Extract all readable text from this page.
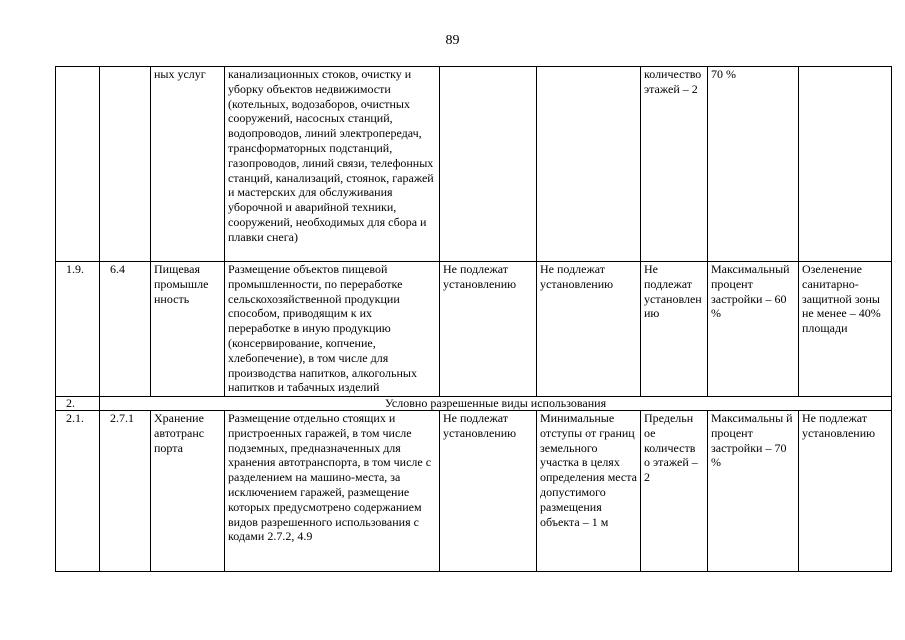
89
		ных услуг	канализационных стоков, очистку и уборку объектов недвижимости (котельных, водозаборов, очистных сооружений, насосных станций, водопроводов, линий электропередач, трансформаторных подстанций, газопроводов, линий связи, телефонных станций, канализаций, стоянок, гаражей и мастерских для обслуживания уборочной и аварийной техники, сооружений, необходимых для сбора и плавки снега)			количество этажей – 2	70 %	
1.9.	6.4	Пищевая промышле нность	Размещение объектов пищевой промышленности, по переработке сельскохозяйственной продукции способом, приводящим к их переработке в иную продукцию (консервирование, копчение, хлебопечение), в том числе для производства напитков, алкогольных напитков и табачных изделий	Не подлежат установлению	Не подлежат установлению	Не подлежат установлен ию	Максимальный процент застройки – 60 %	Озеленение санитарно-защитной зоны не менее – 40% площади
2.	Условно разрешенные виды использования							
2.1.	2.7.1	Хранение автотранс порта	Размещение отдельно стоящих и пристроенных гаражей, в том числе подземных, предназначенных для хранения автотранспорта, в том числе с разделением на машино-места, за исключением гаражей, размещение которых предусмотрено содержанием видов разрешенного использования с кодами 2.7.2, 4.9	Не подлежат установлению	Минимальные отступы от границ земельного участка в целях определения места допустимого размещения объекта – 1 м	Предельн ое количеств о этажей – 2	Максимальны й процент застройки – 70 %	Не подлежат установлению
